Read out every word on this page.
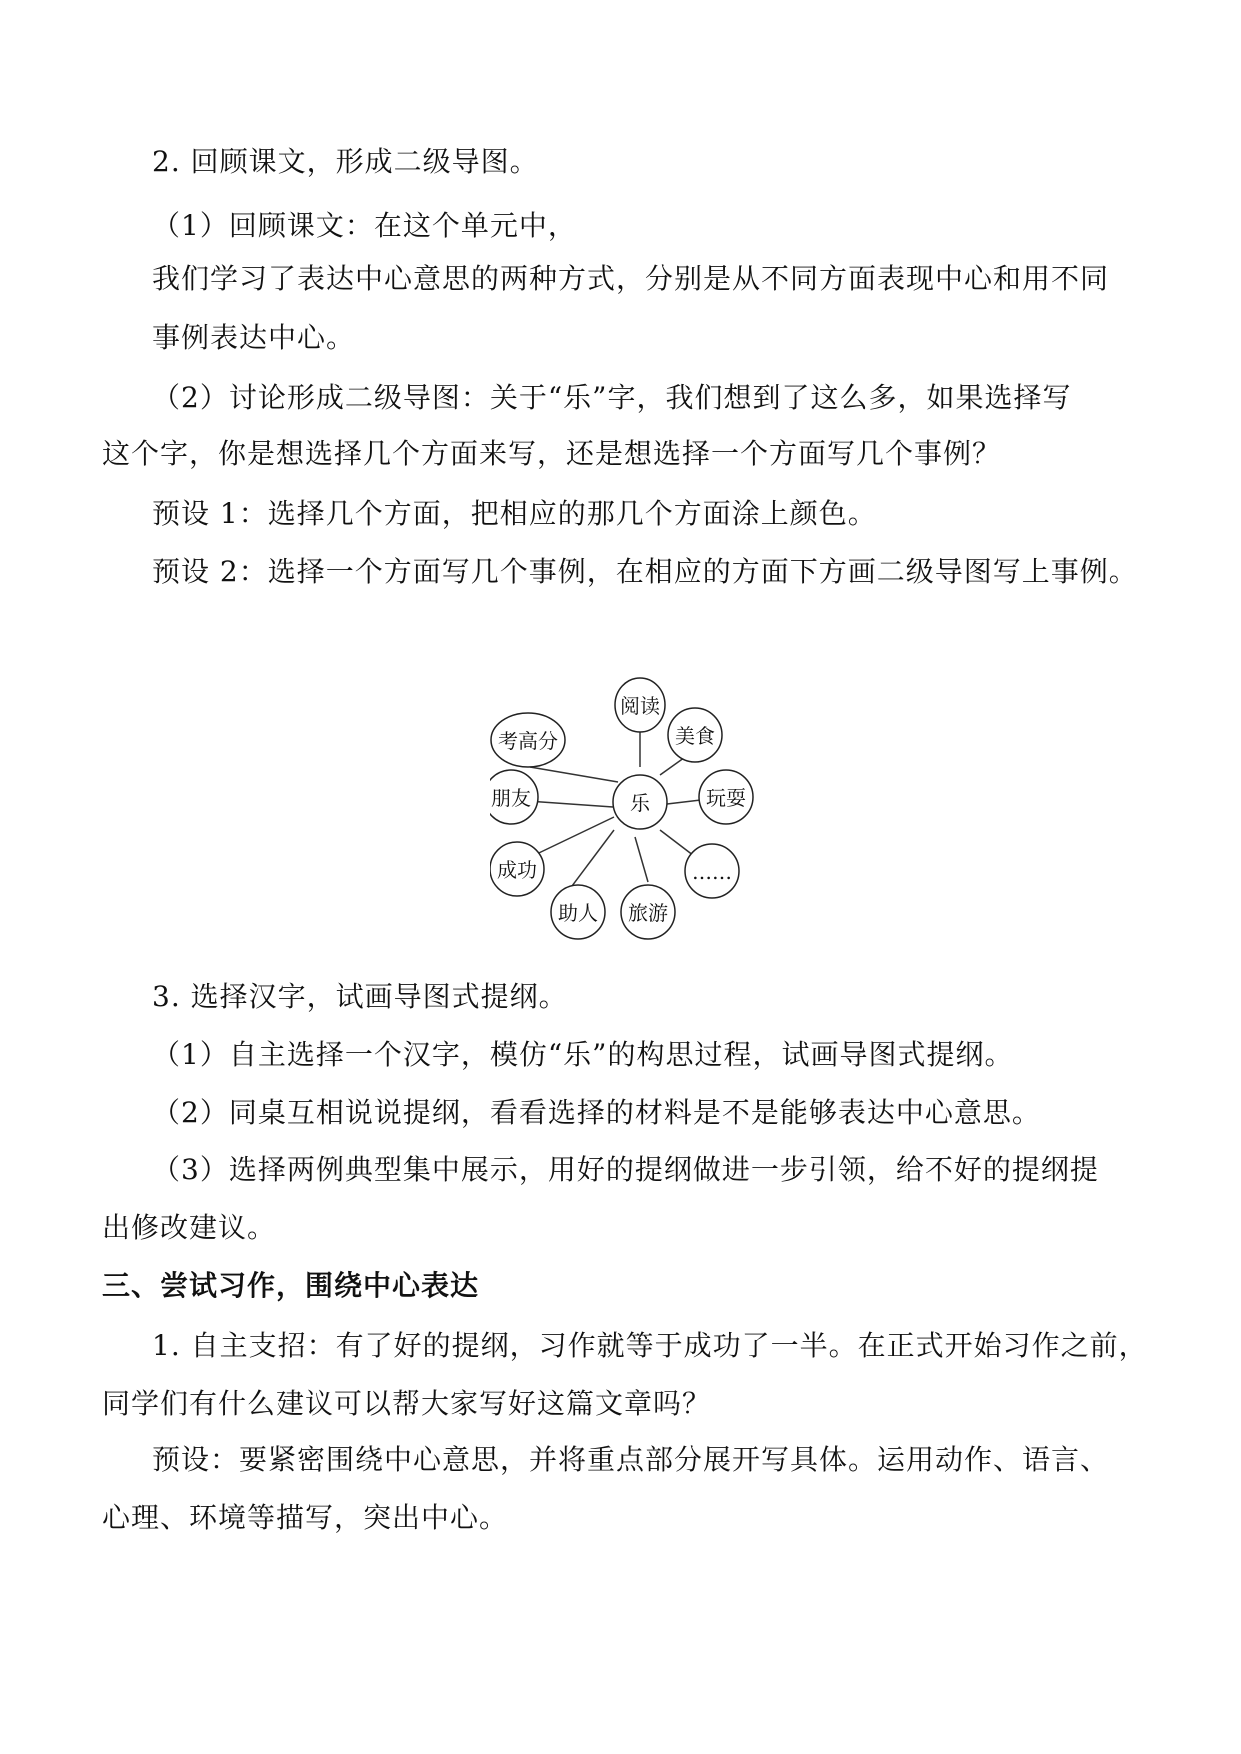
2. 回顾课文，形成二级导图。

（1）回顾课文：在这个单元中，

我们学习了表达中心意思的两种方式，分别是从不同方面表现中心和用不同

事例表达中心。

（2）讨论形成二级导图：关于“乐”字，我们想到了这么多，如果选择写

这个字，你是想选择几个方面来写，还是想选择一个方面写几个事例？

预设 1：选择几个方面，把相应的那几个方面涂上颜色。

预设 2：选择一个方面写几个事例，在相应的方面下方画二级导图写上事例。

乐
阅读
美食
玩耍
……
旅游
助人
成功
朋友
考高分

3. 选择汉字，试画导图式提纲。

（1）自主选择一个汉字，模仿“乐”的构思过程，试画导图式提纲。

（2）同桌互相说说提纲，看看选择的材料是不是能够表达中心意思。

（3）选择两例典型集中展示，用好的提纲做进一步引领，给不好的提纲提

出修改建议。

三、尝试习作，围绕中心表达

1. 自主支招：有了好的提纲，习作就等于成功了一半。在正式开始习作之前，

同学们有什么建议可以帮大家写好这篇文章吗？

预设：要紧密围绕中心意思，并将重点部分展开写具体。运用动作、语言、

心理、环境等描写，突出中心。
